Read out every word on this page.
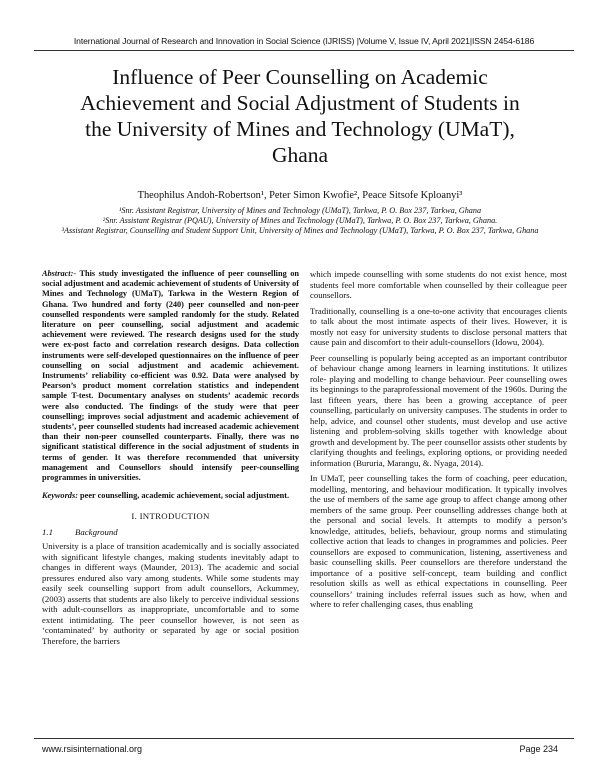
International Journal of Research and Innovation in Social Science (IJRISS) |Volume V, Issue IV, April 2021|ISSN 2454-6186
Influence of Peer Counselling on Academic Achievement and Social Adjustment of Students in the University of Mines and Technology (UMaT), Ghana
Theophilus Andoh-Robertson¹, Peter Simon Kwofie², Peace Sitsofe Kploanyi³
¹Snr. Assistant Registrar, University of Mines and Technology (UMaT), Tarkwa, P. O. Box 237, Tarkwa, Ghana
²Snr. Assistant Registrar (PQAU), University of Mines and Technology (UMaT), Tarkwa, P. O. Box 237, Tarkwa, Ghana.
³Assistant Registrar, Counselling and Student Support Unit, University of Mines and Technology (UMaT), Tarkwa, P. O. Box 237, Tarkwa, Ghana
Abstract:- This study investigated the influence of peer counselling on social adjustment and academic achievement of students of University of Mines and Technology (UMaT), Tarkwa in the Western Region of Ghana. Two hundred and forty (240) peer counselled and non-peer counselled respondents were sampled randomly for the study. Related literature on peer counselling, social adjustment and academic achievement were reviewed. The research designs used for the study were ex-post facto and correlation research designs. Data collection instruments were self-developed questionnaires on the influence of peer counselling on social adjustment and academic achievement. Instruments’ reliability co-efficient was 0.92. Data were analysed by Pearson’s product moment correlation statistics and independent sample T-test. Documentary analyses on students’ academic records were also conducted. The findings of the study were that peer counselling; improves social adjustment and academic achievement of students’, peer counselled students had increased academic achievement than their non-peer counselled counterparts. Finally, there was no significant statistical difference in the social adjustment of students in terms of gender. It was therefore recommended that university management and Counsellors should intensify peer-counselling programmes in universities.
Keywords: peer counselling, academic achievement, social adjustment.
I. INTRODUCTION
1.1	Background

University is a place of transition academically and is socially associated with significant lifestyle changes, making students inevitably adapt to changes in different ways (Maunder, 2013). The academic and social pressures endured also vary among students. While some students may easily seek counselling support from adult counsellors, Ackummey, (2003) asserts that students are also likely to perceive individual sessions with adult-counsellors as inappropriate, uncomfortable and to some extent intimidating. The peer counsellor however, is not seen as ‘contaminated’ by authority or separated by age or social position Therefore, the barriers

which impede counselling with some students do not exist hence, most students feel more comfortable when counselled by their colleague peer counsellors.

Traditionally, counselling is a one-to-one activity that encourages clients to talk about the most intimate aspects of their lives. However, it is mostly not easy for university students to disclose personal matters that cause pain and discomfort to their adult-counsellors (Idowu, 2004).

Peer counselling is popularly being accepted as an important contributor of behaviour change among learners in learning institutions. It utilizes role- playing and modelling to change behaviour. Peer counselling owes its beginnings to the paraprofessional movement of the 1960s. During the last fifteen years, there has been a growing acceptance of peer counselling, particularly on university campuses. The students in order to help, advice, and counsel other students, must develop and use active listening and problem-solving skills together with knowledge about growth and development by. The peer counsellor assists other students by clarifying thoughts and feelings, exploring options, or providing needed information (Bururia, Marangu, &. Nyaga, 2014).

In UMaT, peer counselling takes the form of coaching, peer education, modelling, mentoring, and behaviour modification. It typically involves the use of members of the same age group to affect change among other members of the same group. Peer counselling addresses change both at the personal and social levels. It attempts to modify a person’s knowledge, attitudes, beliefs, behaviour, group norms and stimulating collective action that leads to changes in programmes and policies. Peer counsellors are exposed to communication, listening, assertiveness and basic counselling skills. Peer counsellors are therefore understand the importance of a positive self-concept, team building and conflict resolution skills as well as ethical expectations in counselling. Peer counsellors’ training includes referral issues such as how, when and where to refer challenging cases, thus enabling

www.rsisinternational.org	Page 234
